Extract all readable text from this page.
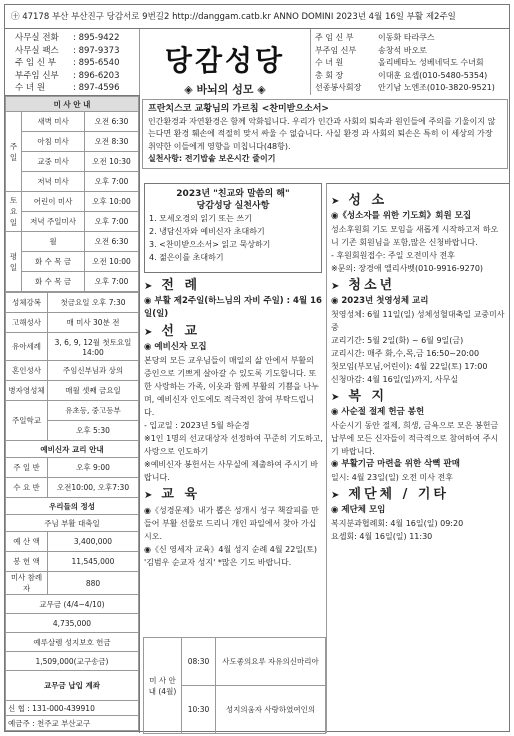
㊉ 47178 부산 부산진구 당감서로 9번길2 http://danggam.catb.kr ANNO DOMINI 2023년 4월 16일 부활 제2주일
사무실 전화	: 895-9422
사무실 팩스	: 897-9373
주 임 신 부	: 895-6540
부주임 신부	: 896-6203
수 녀 원	: 897-4596
당감성당
◈ 바뇌의 성모 ◈
주 임 신 부	이동화 타라쿠스
부주임 신부	송창석 바오로
수 녀 원	올리베타노 성베네딕도 수녀회
총 회 장	이대훈 요셉(010-5480-5354)
선종봉사회장	안기남 노엔조(010-3820-9521)
미 사 안 내		
주일	새벽 미사	오전 6:30
	아침 미사	오전 8:30
	교중 미사	오전 10:30
	저녁 미사	오후 7:00
토요일	어린이 미사	오후 10:00
	저녁 주일미사	오후 7:00
평일	월	오전 6:30
	화 수 목 금	오전 10:00
	화 수 목 금	오후 7:00
성체강복	첫금요일 오후 7:30
고해성사	매 미사 30분 전
유아세례	3, 6, 9, 12월 첫토요일 14:00
혼인성사	주임신부님과 상의
병자영성체	매월 셋째 금요일
주일학교	유초등, 중고등부
	오후 5:30
예비신자 교리 안내	
주 일 반	오후 9:00
수 요 반	오전10:00, 오후7:30
우리들의 정성	
주님 부활 대축일	
예 산 액	3,400,000
봉 헌 액	11,545,000
미사 참례자	880
교무금 (4/4~4/10)	
4,735,000	
예루살렘 성지보호 헌금	
1,509,000(교구송금)	
교무금 납입 계좌	
신 협 : 131-000-439910	
예금주 : 천주교 부산교구	
프란치스코 교황님의 가르침 <찬미받으소서>
인간환경과 자연환경은 함께 악화됩니다. 우리가 인간과 사회의 퇴속과 원인들에 주의를 기울이지 않는다면 환경 훼손에 적절히 맞서 싸울 수 없습니다. 사실 환경 과 사회의 퇴손은 특히 이 세상의 가장 취약한 이들에게 영향을 미칩니다(48항).
실천사항: 전기밥솥 보온시간 줄이기
2023년 "친교와 말씀의 해"
당감성당 실천사항
1. 모세오경의 읽기 또는 쓰기
2. 냉담신자와 예비신자 초대하기
3. <찬미받으소서> 읽고 묵상하기
4. 젊은이를 초대하기
➤ 전 례
◉ 부활 제2주일(하느님의 자비 주일) : 4월 16일(일)
➤ 선 교
◉ 예비신자 모집
본당의 모든 교우님들이 매일의 삶 안에서 부활의 증인으로 기쁘게 살아갈 수 있도록 기도합니다. 또한 사랑하는 가족, 이웃과 함께 부활의 기쁨을 나누며, 예비신자 인도에도 적극적인 참여 부탁드립니다.
- 입교일 : 2023년 5월 하순경
※1인 1명의 선교대상자 선정하여 꾸준히 기도하고, 사랑으로 인도하기
※예비신자 봉헌서는 사무실에 제출하여 주시기 바랍니다.
➤ 교 육
◉《성경문제》내가 뽑은 성개시 성구 책갈피를 만들어 부활 선물로 드리니 개인 파일에서 찾아 가십시오.
◉《신 영세자 교육》4월 성지 순례 4월 22일(토) '김범우 순교자 성지' *많은 기도 바랍니다.
미 사 안 내 (4월)	08:30	사도좋의요루 자유의신마리아
	10:30	성지의움자 사랑하였여인의
➤ 성 소
◉《성소자를 위한 기도회》회원 모집
성소후원회 기도 모임을 새롭게 시작하고저 하오니 기존 회원님을 포함,많은 신청바랍니다.
- 후원회원접수: 주일 오전미사 전후
※문의: 장경애 엘리사벳(010-9916-9270)
➤ 청소년
◉ 2023년 첫영성체 교리
첫영성체: 6월 11일(일) 성체성혈대축일 교중미사 중
교리기간: 5월 2일(화) ~ 6월 9일(금)
교리시간: 매주 화,수,목,금 16:50~20:00
첫모임(부모님,어린이): 4월 22일(토) 17:00
신청마감: 4월 16일(일)까지, 사무실
➤ 복 지
◉ 사순절 절제 헌금 봉헌
사순시기 동안 절제, 희생, 금욕으로 모은 봉헌금 납부에 모든 신자들이 적극적으로 참여하여 주시기 바랍니다.
◉ 부활기금 마련을 위한 삭뼉 판매
일시: 4월 23일(일) 오전 미사 전후
➤ 제단체 / 기타
◉ 제단체 모임
복지분과협례회: 4월 16일(일) 09:20
요셉회: 4월 16일(일) 11:30
